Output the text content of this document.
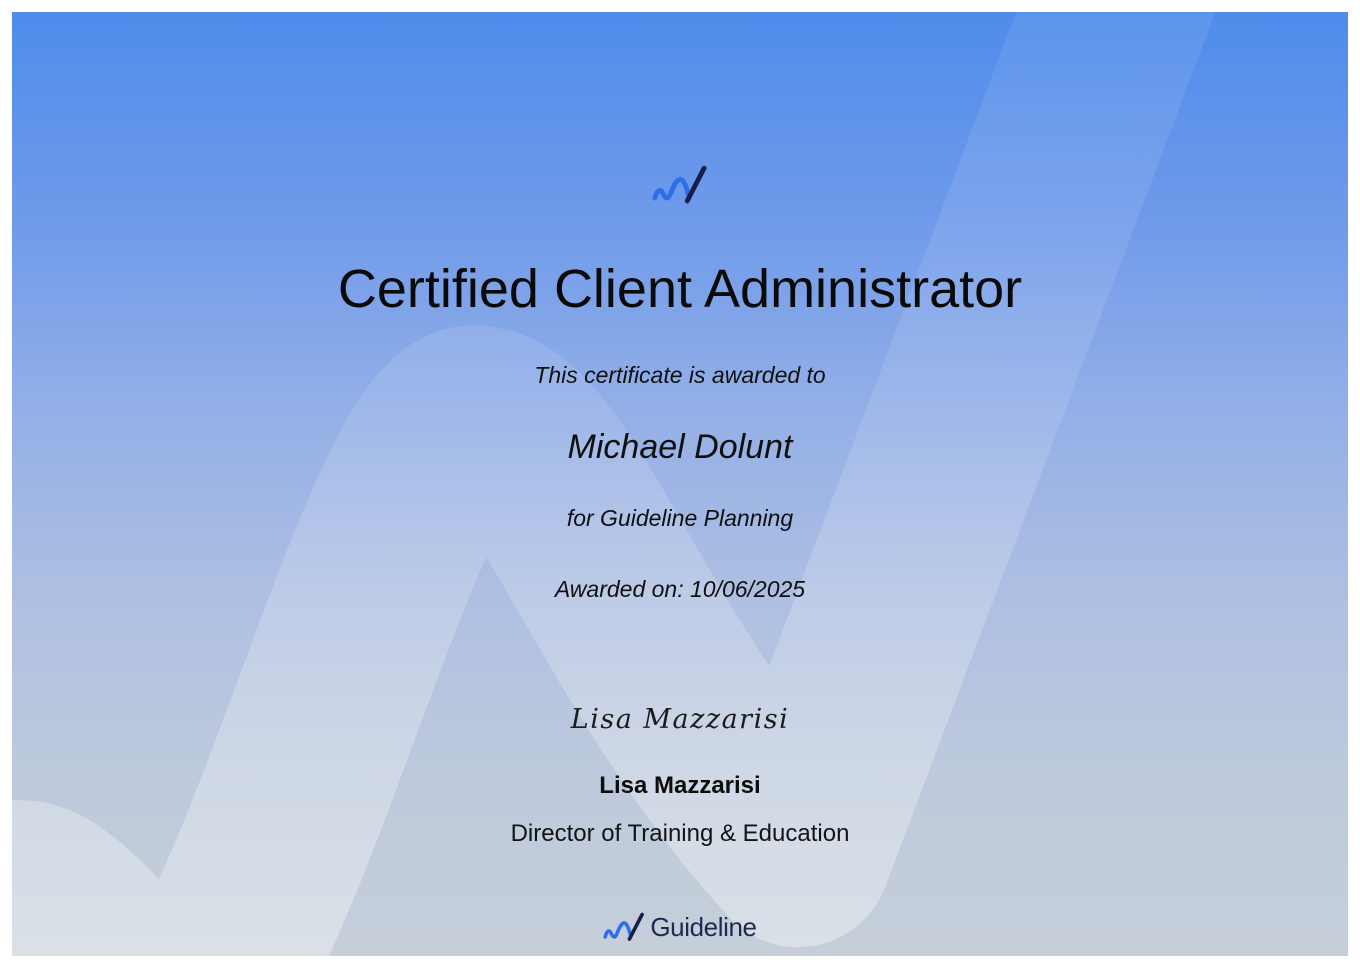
Certified Client Administrator

This certificate is awarded to

Michael Dolunt

for Guideline Planning

Awarded on: 10/06/2025

Lisa Mazzarisi
Lisa Mazzarisi
Director of Training & Education
Guideline
